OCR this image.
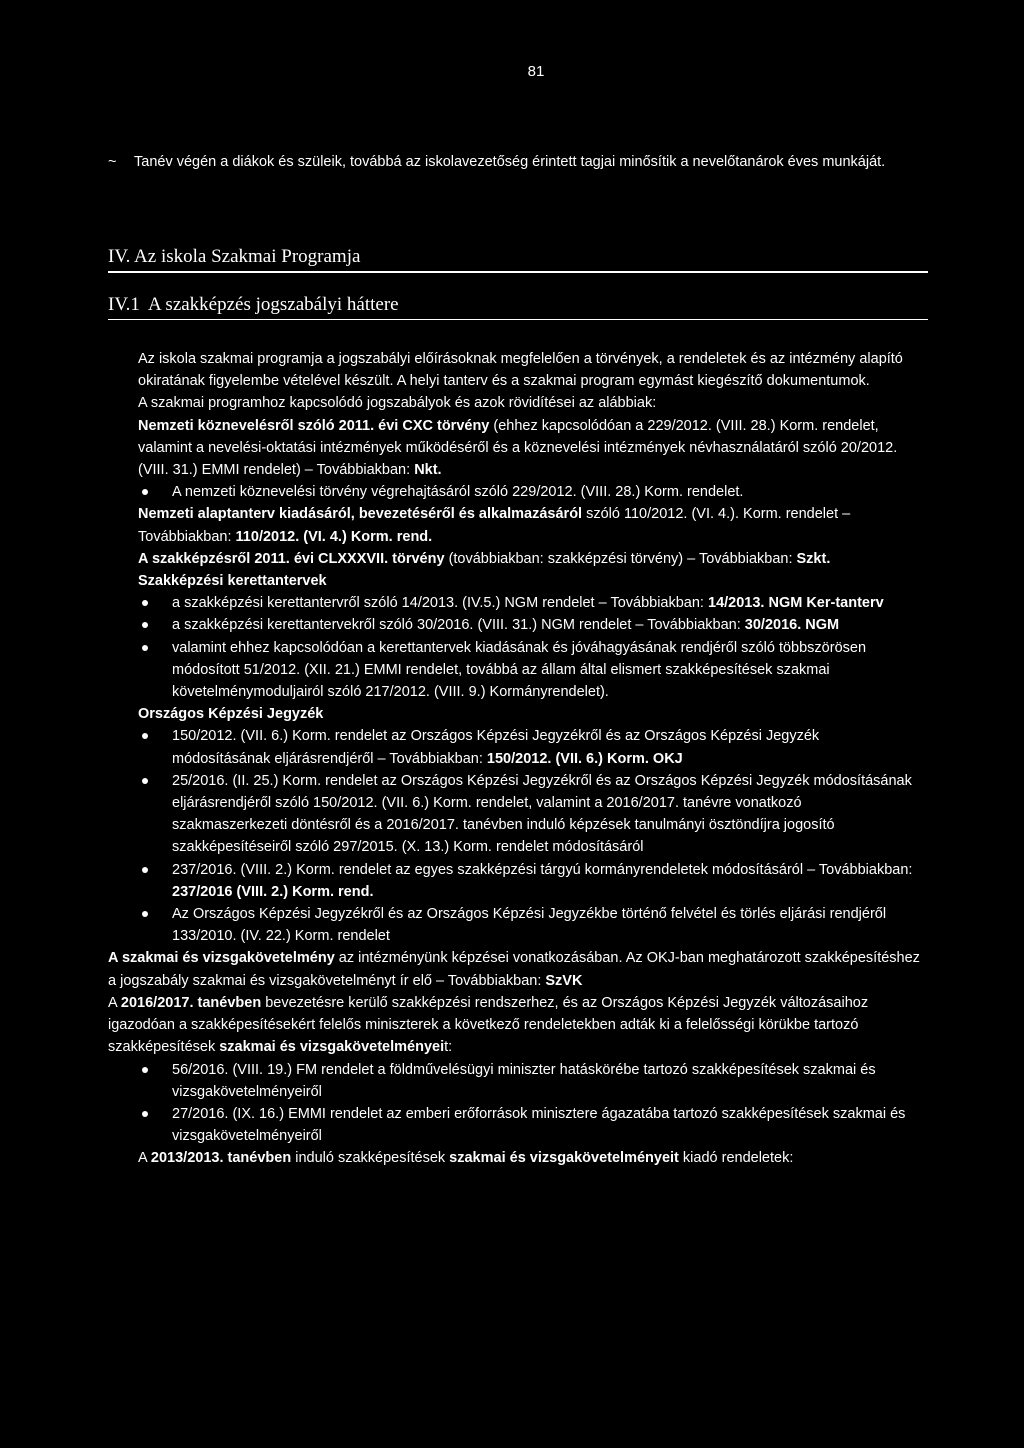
81
~	Tanév végén a diákok és szüleik, továbbá az iskolavezetőség érintett tagjai minősítik a nevelőtanárok éves munkáját.
IV. Az iskola Szakmai Programja
IV.1 A szakképzés jogszabályi háttere

Az iskola szakmai programja a jogszabályi előírásoknak megfelelően a törvények, a rendeletek és az intézmény alapító okiratának figyelembe vételével készült. A helyi tanterv és a szakmai program egymást kiegészítő dokumentumok.

A szakmai programhoz kapcsolódó jogszabályok és azok rövidítései az alábbiak:

Nemzeti köznevelésről szóló 2011. évi CXC törvény (ehhez kapcsolódóan a 229/2012. (VIII. 28.) Korm. rendelet, valamint a nevelési-oktatási intézmények működéséről és a köznevelési intézmények névhasználatáról szóló 20/2012. (VIII. 31.) EMMI rendelet) – Továbbiakban: Nkt.

A nemzeti köznevelési törvény végrehajtásáról szóló 229/2012. (VIII. 28.) Korm. rendelet.

Nemzeti alaptanterv kiadásáról, bevezetéséről és alkalmazásáról szóló 110/2012. (VI. 4.). Korm. rendelet – Továbbiakban: 110/2012. (VI. 4.) Korm. rend.

A szakképzésről 2011. évi CLXXXVII. törvény (továbbiakban: szakképzési törvény) – Továbbiakban: Szkt.

Szakképzési kerettantervek

a szakképzési kerettantervről szóló 14/2013. (IV.5.) NGM rendelet – Továbbiakban: 14/2013. NGM Ker-tanterv
a szakképzési kerettantervekről szóló 30/2016. (VIII. 31.) NGM rendelet – Továbbiakban: 30/2016. NGM
valamint ehhez kapcsolódóan a kerettantervek kiadásának és jóváhagyásának rendjéről szóló többszörösen módosított 51/2012. (XII. 21.) EMMI rendelet, továbbá az állam által elismert szakképesítések szakmai követelménymoduljairól szóló 217/2012. (VIII. 9.) Kormányrendelet).

Országos Képzési Jegyzék

150/2012. (VII. 6.) Korm. rendelet az Országos Képzési Jegyzékről és az Országos Képzési Jegyzék módosításának eljárásrendjéről – Továbbiakban: 150/2012. (VII. 6.) Korm. OKJ
25/2016. (II. 25.) Korm. rendelet az Országos Képzési Jegyzékről és az Országos Képzési Jegyzék módosításának eljárásrendjéről szóló 150/2012. (VII. 6.) Korm. rendelet, valamint a 2016/2017. tanévre vonatkozó szakmaszerkezeti döntésről és a 2016/2017. tanévben induló képzések tanulmányi ösztöndíjra jogosító szakképesítéseiről szóló 297/2015. (X. 13.) Korm. rendelet módosításáról
237/2016. (VIII. 2.) Korm. rendelet az egyes szakképzési tárgyú kormányrendeletek módosításáról – Továbbiakban: 237/2016 (VIII. 2.) Korm. rend.
Az Országos Képzési Jegyzékről és az Országos Képzési Jegyzékbe történő felvétel és törlés eljárási rendjéről 133/2010. (IV. 22.) Korm. rendelet

A szakmai és vizsgakövetelmény az intézményünk képzései vonatkozásában. Az OKJ-ban meghatározott szakképesítéshez a jogszabály szakmai és vizsgakövetelményt ír elő – Továbbiakban: SzVK

A 2016/2017. tanévben bevezetésre kerülő szakképzési rendszerhez, és az Országos Képzési Jegyzék változásaihoz igazodóan a szakképesítésekért felelős miniszterek a következő rendeletekben adták ki a felelősségi körükbe tartozó szakképesítések szakmai és vizsgakövetelményeit:

56/2016. (VIII. 19.) FM rendelet a földművelésügyi miniszter hatáskörébe tartozó szakképesítések szakmai és vizsgakövetelményeiről
27/2016. (IX. 16.) EMMI rendelet az emberi erőforrások minisztere ágazatába tartozó szakképesítések szakmai és vizsgakövetelményeiről

A 2013/2013. tanévben induló szakképesítések szakmai és vizsgakövetelményeit kiadó rendeletek:
